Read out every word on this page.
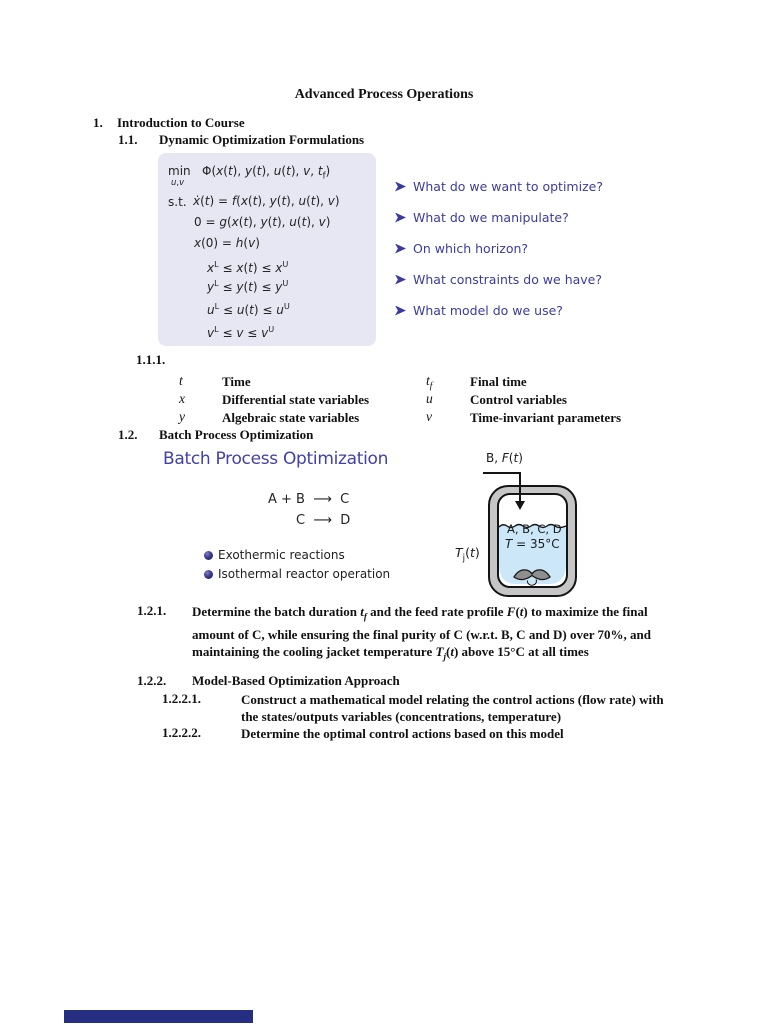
Advanced Process Operations
1. Introduction to Course
1.1. Dynamic Optimization Formulations
min
u,v
Φ(x(t), y(t), u(t), v, $t_f$)
s.t. ẋ(t) = f(x(t), y(t), u(t), v)
0 = g(x(t), y(t), u(t), v)
x(0) = h(v)
$x^L \le x(t) \le x^U$
$y^L \le y(t) \le y^U$
$u^L \le u(t) \le u^U$
$v^L \le v \le v^U$
What do we want to optimize?
What do we manipulate?
On which horizon?
What constraints do we have?
What model do we use?
1.1.1.
t	Time	$t_f$	Final time
x	Differential state variables	u	Control variables
y	Algebraic state variables	v	Time-invariant parameters
1.2. Batch Process Optimization
Batch Process Optimization
A + B  ⟶  C
C  ⟶  D
Exothermic reactions
Isothermal reactor operation
B, F(t)
A, B, C, D
T = 35°C
$T_j(t)$
1.2.1. Determine the batch duration $t_f$ and the feed rate profile F(t) to maximize the final amount of C, while ensuring the final purity of C (w.r.t. B, C and D) over 70%, and maintaining the cooling jacket temperature $T_j(t)$ above 15°C at all times
1.2.2. Model-Based Optimization Approach
1.2.2.1.	Construct a mathematical model relating the control actions (flow rate) with the states/outputs variables (concentrations, temperature)
1.2.2.2.	Determine the optimal control actions based on this model
